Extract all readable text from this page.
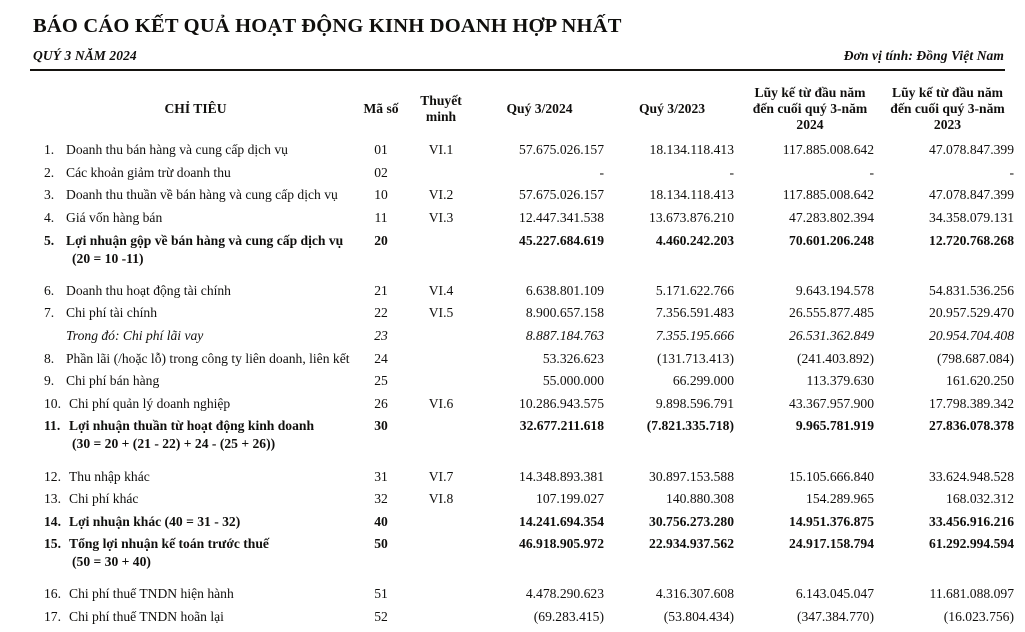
BÁO CÁO KẾT QUẢ HOẠT ĐỘNG KINH DOANH HỢP NHẤT
QUÝ 3 NĂM 2024	Đơn vị tính: Đồng Việt Nam
CHỈ TIÊU	Mã số	Thuyết minh	Quý 3/2024	Quý 3/2023	Lũy kế từ đầu năm đến cuối quý 3-năm 2024	Lũy kế từ đầu năm đến cuối quý 3-năm 2023
1. Doanh thu bán hàng và cung cấp dịch vụ	01	VI.1	57.675.026.157	18.134.118.413	117.885.008.642	47.078.847.399
2. Các khoản giảm trừ doanh thu	02		-	-	-	-
3. Doanh thu thuần về bán hàng và cung cấp dịch vụ	10	VI.2	57.675.026.157	18.134.118.413	117.885.008.642	47.078.847.399
4. Giá vốn hàng bán	11	VI.3	12.447.341.538	13.673.876.210	47.283.802.394	34.358.079.131
5. Lợi nhuận gộp về bán hàng và cung cấp dịch vụ	20		45.227.684.619	4.460.242.203	70.601.206.248	12.720.768.268
(20 = 10 -11)						

6. Doanh thu hoạt động tài chính	21	VI.4	6.638.801.109	5.171.622.766	9.643.194.578	54.831.536.256
7. Chi phí tài chính	22	VI.5	8.900.657.158	7.356.591.483	26.555.877.485	20.957.529.470
Trong đó: Chi phí lãi vay	23		8.887.184.763	7.355.195.666	26.531.362.849	20.954.704.408
8. Phần lãi (/hoặc lỗ) trong công ty liên doanh, liên kết	24		53.326.623	(131.713.413)	(241.403.892)	(798.687.084)
9. Chi phí bán hàng	25		55.000.000	66.299.000	113.379.630	161.620.250
10. Chi phí quản lý doanh nghiệp	26	VI.6	10.286.943.575	9.898.596.791	43.367.957.900	17.798.389.342
11. Lợi nhuận thuần từ hoạt động kinh doanh	30		32.677.211.618	(7.821.335.718)	9.965.781.919	27.836.078.378
(30 = 20 + (21 - 22) + 24 - (25 + 26))						

12. Thu nhập khác	31	VI.7	14.348.893.381	30.897.153.588	15.105.666.840	33.624.948.528
13. Chi phí khác	32	VI.8	107.199.027	140.880.308	154.289.965	168.032.312
14. Lợi nhuận khác (40 = 31 - 32)	40		14.241.694.354	30.756.273.280	14.951.376.875	33.456.916.216
15. Tổng lợi nhuận kế toán trước thuế	50		46.918.905.972	22.934.937.562	24.917.158.794	61.292.994.594
(50 = 30 + 40)						

16. Chi phí thuế TNDN hiện hành	51		4.478.290.623	4.316.307.608	6.143.045.047	11.681.088.097
17. Chi phí thuế TNDN hoãn lại	52		(69.283.415)	(53.804.434)	(347.384.770)	(16.023.756)
